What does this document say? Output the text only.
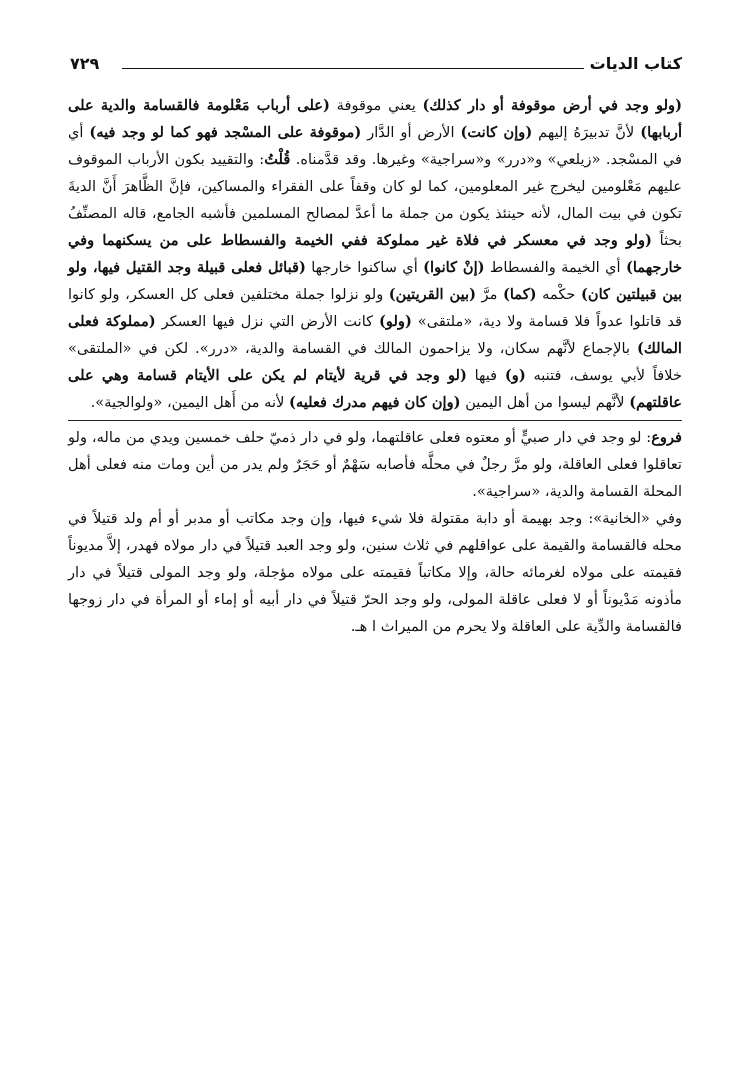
كتاب الديات
٧٢٩

(ولو وجد في أرض موقوفة أو دار كذلك) يعني موقوفة (على أرباب مَعْلومة فالقسامة والدية على أربابها) لأنَّ تدبيرَهُ إليهم (وإن كانت) الأرض أو الدَّار (موقوفة على المسْجد فهو كما لو وجد فيه) أي في المسْجد. «زيلعي» و«درر» و«سراجية» وغيرها. وقد قدَّمناه. قُلْتُ: والتقييد بكون الأرباب الموقوف عليهم مَعْلومين ليخرج غير المعلومين، كما لو كان وقفاً على الفقراء والمساكين، فإنَّ الظَّاهرَ أَنَّ الديةَ تكون في بيت المال، لأنه حينئذ يكون من جملة ما أعدَّ لمصالح المسلمين فأشبه الجامع، قاله المصنِّفُ بحثاً (ولو وجد في معسكر في فلاة غير مملوكة ففي الخيمة والفسطاط على من يسكنهما وفي خارجهما) أي الخيمة والفسطاط (إنْ كانوا) أي ساكنوا خارجها (قبائل فعلى قبيلة وجد القتيل فيها، ولو بين قبيلتين كان) حكْمه (كما) مرَّ (بين القريتين) ولو نزلوا جملة مختلفين فعلى كل العسكر، ولو كانوا قد قاتلوا عدواً فلا قسامة ولا دية، «ملتقى» (ولو) كانت الأرض التي نزل فيها العسكر (مملوكة فعلى المالك) بالإجماع لأنَّهم سكان، ولا يزاحمون المالك في القسامة والدية، «درر». لكن في «الملتقى» خلافاً لأبي يوسف، فتنبه (و) فيها (لو وجد في قرية لأيتام لم يكن على الأيتام قسامة وهي على عاقلتهم) لأنَّهم ليسوا من أهل اليمين (وإن كان فيهم مدرك فعليه) لأنه من أَهل اليمين، «ولوالجية».

فروع: لو وجد في دار صبيٍّ أو معتوه فعلى عاقلتهما، ولو في دار ذميّ حلف خمسين ويدي من ماله، ولو تعاقلوا فعلى العاقلة، ولو مرَّ رجلٌ في محلَّه فأصابه سَهْمٌ أو حَجَرٌ ولم يدر من أين ومات منه فعلى أهل المحلة القسامة والدية، «سراجية».

وفي «الخانية»: وجد بهيمة أو دابة مقتولة فلا شيء فيها، وإن وجد مكاتب أو مدبر أو أم ولد قتيلاً في محله فالقسامة والقيمة على عواقلهم في ثلاث سنين، ولو وجد العبد قتيلاً في دار مولاه فهدر، إلاَّ مديوناً فقيمته على مولاه لغرمائه حالة، وإلا مكاتباً فقيمته على مولاه مؤجلة، ولو وجد المولى قتيلاً في دار مأذونه مَدْيوناً أو لا فعلى عاقلة المولى، ولو وجد الحرّ قتيلاً في دار أبيه أو إماء أو المرأة في دار زوجها فالقسامة والدِّية على العاقلة ولا يحرم من الميراث ا هـ.
